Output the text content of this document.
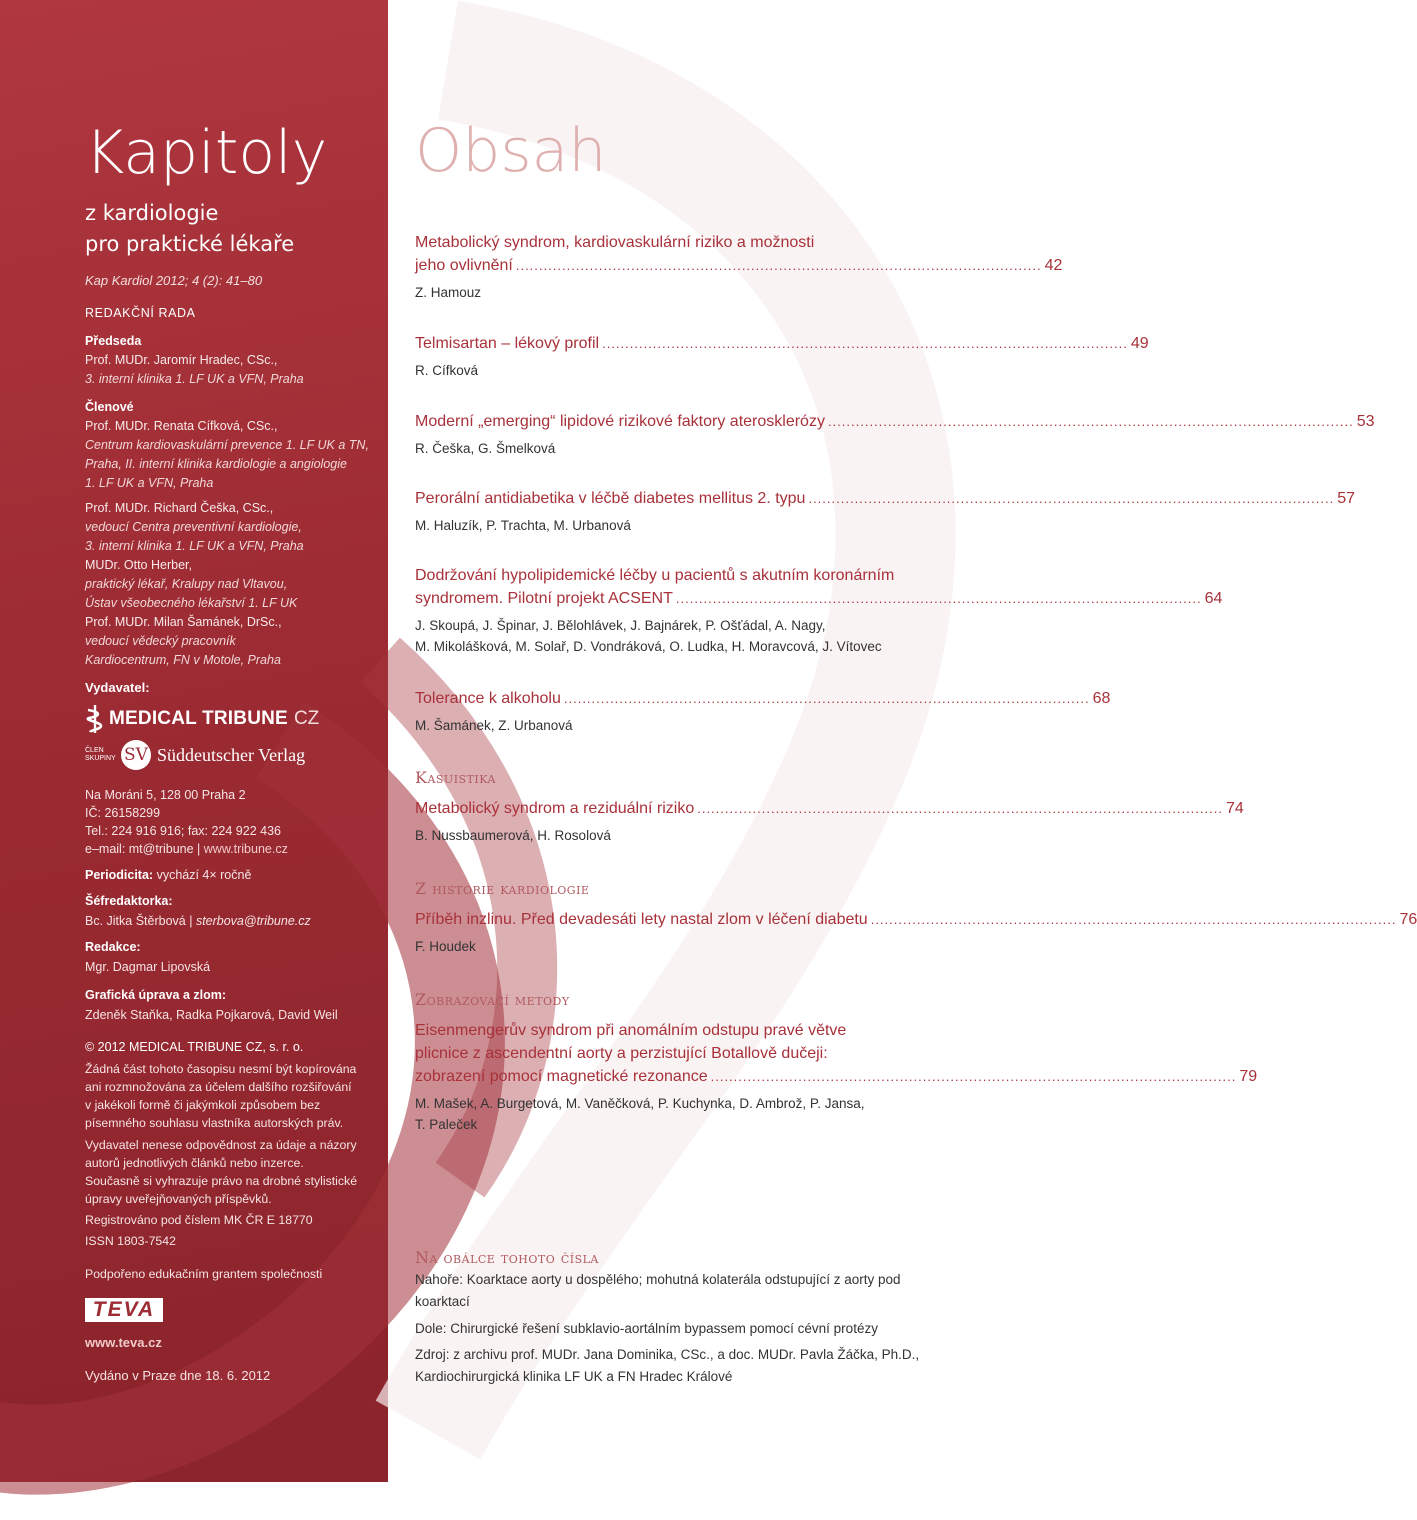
Kapitoly
z kardiologie
pro praktické lékaře
Kap Kardiol 2012; 4 (2): 41–80
REDAKČNÍ RADA
Předseda
Prof. MUDr. Jaromír Hradec, CSc.,
3. interní klinika 1. LF UK a VFN, Praha
Členové
Prof. MUDr. Renata Cífková, CSc.,
Centrum kardiovaskulární prevence 1. LF UK a TN,
Praha, II. interní klinika kardiologie a angiologie
1. LF UK a VFN, Praha
Prof. MUDr. Richard Češka, CSc.,
vedoucí Centra preventivní kardiologie,
3. interní klinika 1. LF UK a VFN, Praha
MUDr. Otto Herber,
praktický lékař, Kralupy nad Vltavou,
Ústav všeobecného lékařství 1. LF UK
Prof. MUDr. Milan Šamánek, DrSc.,
vedoucí vědecký pracovník
Kardiocentrum, FN v Motole, Praha
Vydavatel:
MEDICAL TRIBUNE CZ
ČLEN
SKUPINY SV Süddeutscher Verlag
Na Moráni 5, 128 00 Praha 2
IČ: 26158299
Tel.: 224 916 916; fax: 224 922 436
e–mail: mt@tribune | www.tribune.cz
Periodicita: vychází 4× ročně
Šéfredaktorka:
Bc. Jitka Štěrbová | sterbova@tribune.cz
Redakce:
Mgr. Dagmar Lipovská
Grafická úprava a zlom:
Zdeněk Staňka, Radka Pojkarová, David Weil
© 2012 MEDICAL TRIBUNE CZ, s. r. o.
Žádná část tohoto časopisu nesmí být kopírována ani rozmnožována za účelem dalšího rozšiřování v jakékoli formě či jakýmkoli způsobem bez písemného souhlasu vlastníka autorských práv.
Vydavatel nenese odpovědnost za údaje a názory autorů jednotlivých článků nebo inzerce. Současně si vyhrazuje právo na drobné stylistické úpravy uveřejňovaných příspěvků.
Registrováno pod číslem MK ČR E 18770
ISSN 1803-7542
Podpořeno edukačním grantem společnosti
TEVA
www.teva.cz
Vydáno v Praze dne 18. 6. 2012
Obsah
Metabolický syndrom, kardiovaskulární riziko a možnosti
jeho ovlivnění .................................................................................................................. 42
Z. Hamouz
Telmisartan – lékový profil .................................................................................................................. 49
R. Cífková
Moderní „emerging“ lipidové rizikové faktory aterosklerózy .................................................................................................................. 53
R. Češka, G. Šmelková
Perorální antidiabetika v léčbě diabetes mellitus 2. typu .................................................................................................................. 57
M. Haluzík, P. Trachta, M. Urbanová
Dodržování hypolipidemické léčby u pacientů s akutním koronárním
syndromem. Pilotní projekt ACSENT .................................................................................................................. 64
J. Skoupá, J. Špinar, J. Bělohlávek, J. Bajnárek, P. Ošťádal, A. Nagy,
M. Mikolášková, M. Solař, D. Vondráková, O. Ludka, H. Moravcová, J. Vítovec
Tolerance k alkoholu .................................................................................................................. 68
M. Šamánek, Z. Urbanová
Kasuistika
Metabolický syndrom a reziduální riziko .................................................................................................................. 74
B. Nussbaumerová, H. Rosolová
Z historie kardiologie
Příběh inzlinu. Před devadesáti lety nastal zlom v léčení diabetu .................................................................................................................. 76
F. Houdek
Zobrazovací metody
Eisenmengerův syndrom při anomálním odstupu pravé větve
plicnice z ascendentní aorty a perzistující Botallově dučeji:
zobrazení pomocí magnetické rezonance .................................................................................................................. 79
M. Mašek, A. Burgetová, M. Vaněčková, P. Kuchynka, D. Ambrož, P. Jansa,
T. Paleček
Na obálce tohoto čísla
Nahoře: Koarktace aorty u dospělého; mohutná kolaterála odstupující z aorty pod koarktací
Dole: Chirurgické řešení subklavio-aortálním bypassem pomocí cévní protézy
Zdroj: z archivu prof. MUDr. Jana Dominika, CSc., a doc. MUDr. Pavla Žáčka, Ph.D.,
Kardiochirurgická klinika LF UK a FN Hradec Králové
